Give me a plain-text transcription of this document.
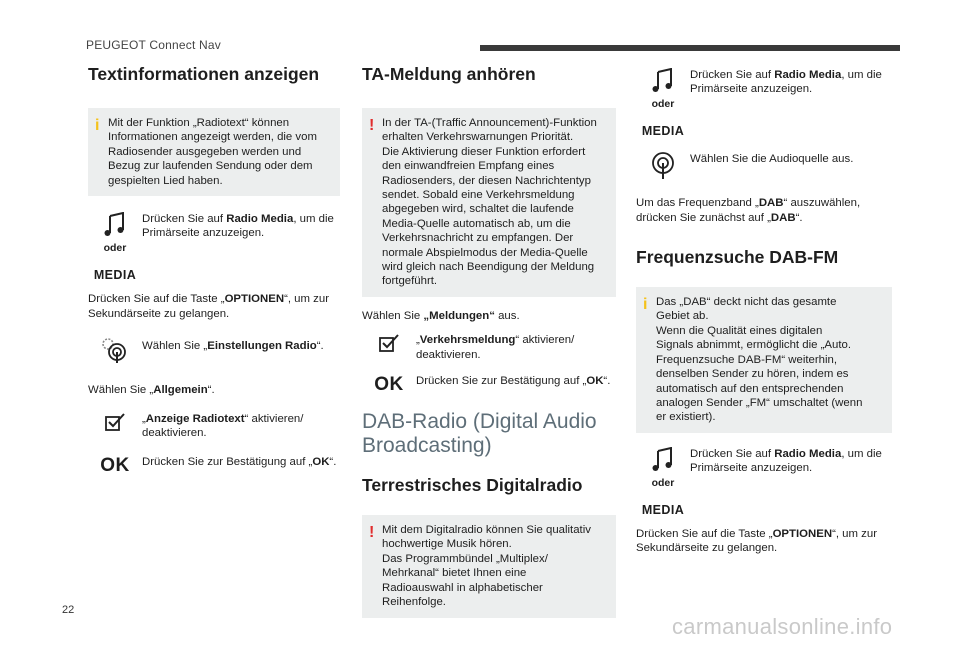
PEUGEOT Connect Nav
Textinformationen anzeigen
i Mit der Funktion „Radiotext“ können
Informationen angezeigt werden, die vom
Radiosender ausgegeben werden und
Bezug zur laufenden Sendung oder dem
gespielten Lied haben.
oder
MEDIA
Drücken Sie auf Radio Media, um die Primärseite anzuzeigen.

Drücken Sie auf die Taste „OPTIONEN“, um zur Sekundärseite zu gelangen.

Wählen Sie „Einstellungen Radio“.

Wählen Sie „Allgemein“.

„Anzeige Radiotext“ aktivieren/ deaktivieren.
OK Drücken Sie zur Bestätigung auf „OK“.
TA-Meldung anhören
! In der TA-(Traffic Announcement)-Funktion
erhalten Verkehrswarnungen Priorität.
Die Aktivierung dieser Funktion erfordert
den einwandfreien Empfang eines
Radiosenders, der diesen Nachrichtentyp
sendet. Sobald eine Verkehrsmeldung
abgegeben wird, schaltet die laufende
Media-Quelle automatisch ab, um die
Verkehrsnachricht zu empfangen. Der
normale Abspielmodus der Media-Quelle
wird gleich nach Beendigung der Meldung
fortgeführt.

Wählen Sie „Meldungen“ aus.

„Verkehrsmeldung“ aktivieren/ deaktivieren.
OK Drücken Sie zur Bestätigung auf „OK“.
DAB-Radio (Digital Audio Broadcasting)
Terrestrisches Digitalradio
! Mit dem Digitalradio können Sie qualitativ
hochwertige Musik hören.
Das Programmbündel „Multiplex/
Mehrkanal“ bietet Ihnen eine
Radioauswahl in alphabetischer
Reihenfolge.
oder
MEDIA
Drücken Sie auf Radio Media, um die Primärseite anzuzeigen.
Wählen Sie die Audioquelle aus.

Um das Frequenzband „DAB“ auszuwählen, drücken Sie zunächst auf „DAB“.

Frequenzsuche DAB-FM
i Das „DAB“ deckt nicht das gesamte
Gebiet ab.
Wenn die Qualität eines digitalen
Signals abnimmt, ermöglicht die „Auto.
Frequenzsuche DAB-FM“ weiterhin,
denselben Sender zu hören, indem es
automatisch auf den entsprechenden
analogen Sender „FM“ umschaltet (wenn
er existiert).
oder
MEDIA
Drücken Sie auf Radio Media, um die Primärseite anzuzeigen.

Drücken Sie auf die Taste „OPTIONEN“, um zur Sekundärseite zu gelangen.

22
carmanualsonline.info
